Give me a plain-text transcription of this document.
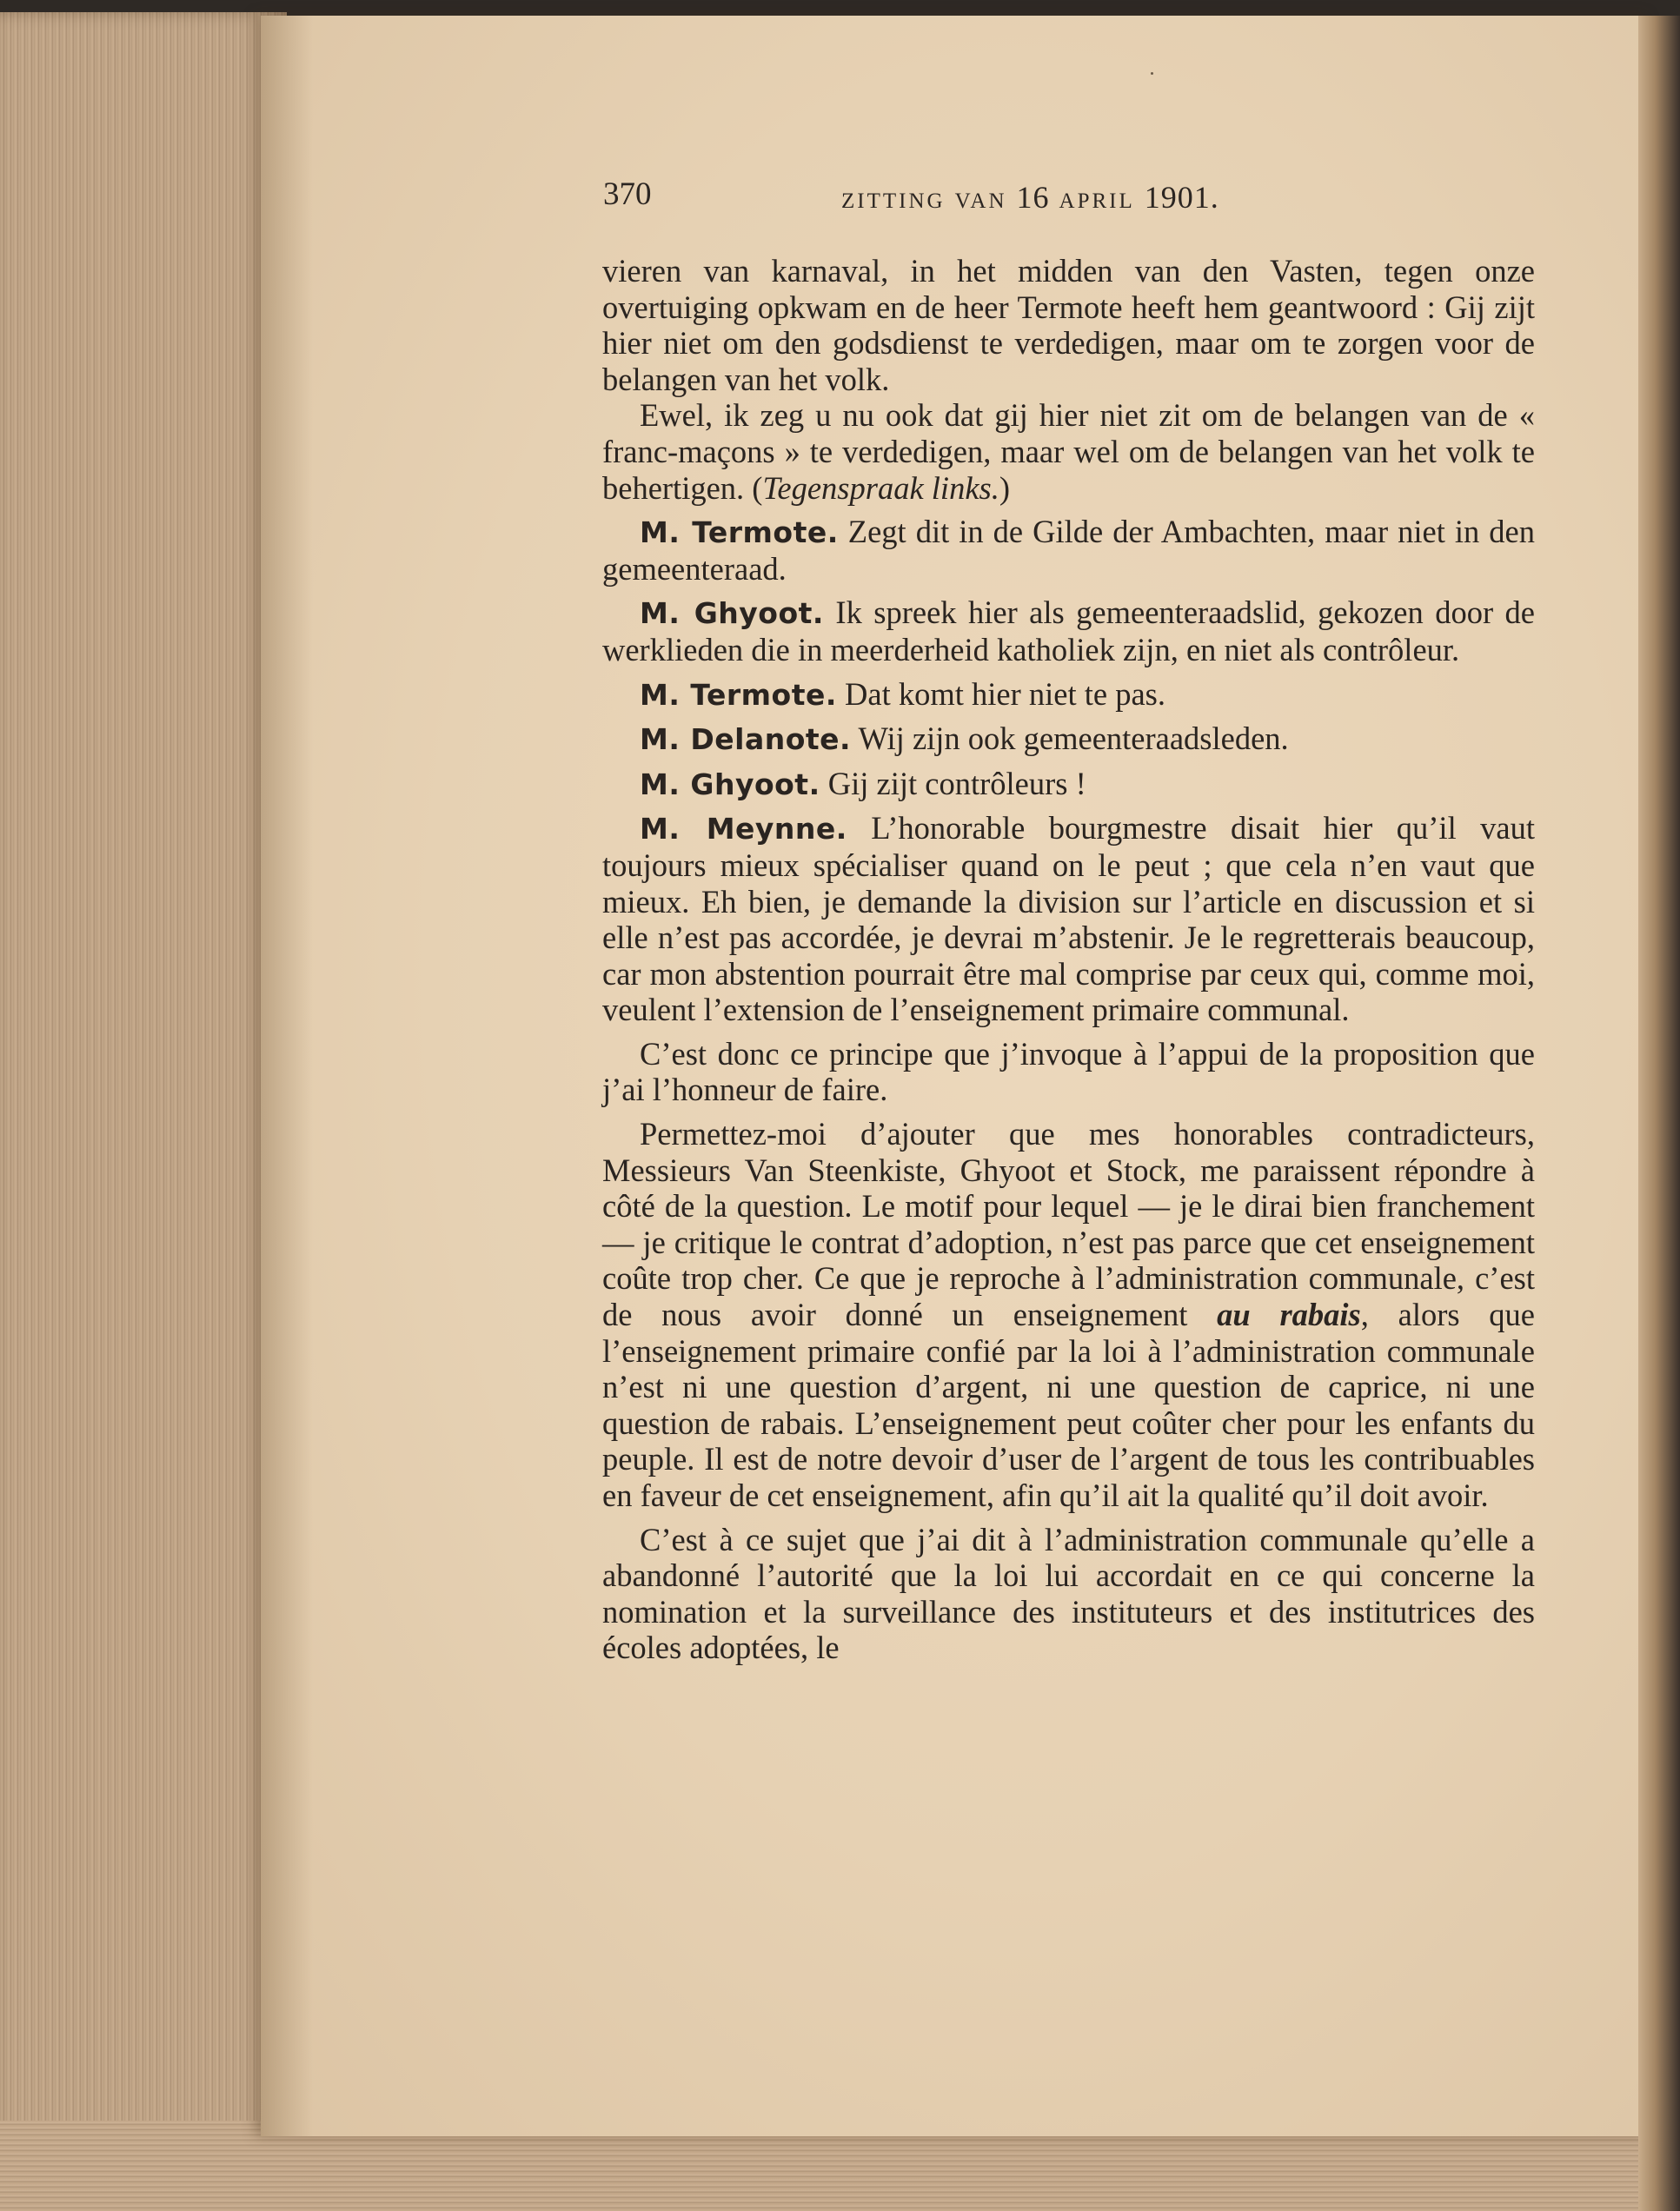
370	ZITTING VAN 16 APRIL 1901.

vieren van karnaval, in het midden van den Vasten, tegen onze overtuiging opkwam en de heer Termote heeft hem geantwoord : Gij zijt hier niet om den godsdienst te verdedigen, maar om te zorgen voor de belangen van het volk.

Ewel, ik zeg u nu ook dat gij hier niet zit om de belangen van de « franc-maçons » te verdedigen, maar wel om de belangen van het volk te behertigen. (Tegenspraak links.)

M. Termote. Zegt dit in de Gilde der Ambachten, maar niet in den gemeenteraad.

M. Ghyoot. Ik spreek hier als gemeenteraadslid, gekozen door de werklieden die in meerderheid katholiek zijn, en niet als contrôleur.

M. Termote. Dat komt hier niet te pas.

M. Delanote. Wij zijn ook gemeenteraadsleden.

M. Ghyoot. Gij zijt contrôleurs !

M. Meynne. L’honorable bourgmestre disait hier qu’il vaut toujours mieux spécialiser quand on le peut ; que cela n’en vaut que mieux. Eh bien, je demande la division sur l’article en discussion et si elle n’est pas accordée, je devrai m’abstenir. Je le regretterais beaucoup, car mon abstention pourrait être mal comprise par ceux qui, comme moi, veulent l’extension de l’enseignement primaire communal.

C’est donc ce principe que j’invoque à l’appui de la proposition que j’ai l’honneur de faire.

Permettez-moi d’ajouter que mes honorables contradicteurs, Messieurs Van Steenkiste, Ghyoot et Stock, me paraissent répondre à côté de la question. Le motif pour lequel — je le dirai bien franchement — je critique le contrat d’adoption, n’est pas parce que cet enseignement coûte trop cher. Ce que je reproche à l’administration communale, c’est de nous avoir donné un enseignement au rabais, alors que l’enseignement primaire confié par la loi à l’administration communale n’est ni une question d’argent, ni une question de caprice, ni une question de rabais. L’enseignement peut coûter cher pour les enfants du peuple. Il est de notre devoir d’user de l’argent de tous les contribuables en faveur de cet enseignement, afin qu’il ait la qualité qu’il doit avoir.

C’est à ce sujet que j’ai dit à l’administration communale qu’elle a abandonné l’autorité que la loi lui accordait en ce qui concerne la nomination et la surveillance des instituteurs et des institutrices des écoles adoptées, le
